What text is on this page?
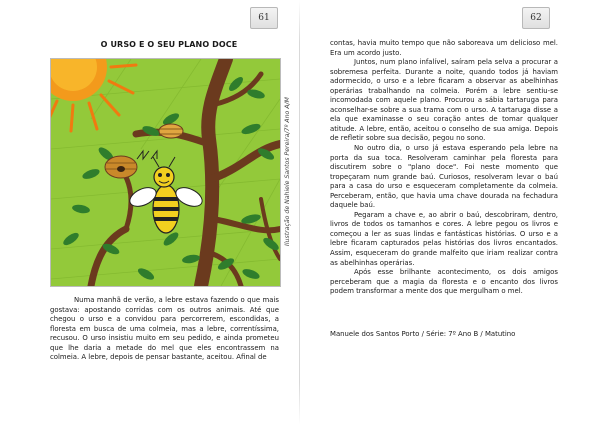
61
O URSO E O SEU PLANO DOCE
Ilustração de Nahiele Santos Pereira/7º Ano A/M

Numa manhã de verão, a lebre estava fazendo o que mais gostava: apostando corridas com os outros animais. Até que chegou o urso e a convidou para percorrerem, escondidas, a floresta em busca de uma colmeia, mas a lebre, correntíssima, recusou. O urso insistiu muito em seu pedido, e ainda prometeu que lhe daria a metade do mel que eles encontrassem na colmeia. A lebre, depois de pensar bastante, aceitou. Afinal de

62

contas, havia muito tempo que não saboreava um delicioso mel. Era um acordo justo.

Juntos, num plano infalível, saíram pela selva a procurar a sobremesa perfeita. Durante a noite, quando todos já haviam adormecido, o urso e a lebre ficaram a observar as abelhinhas operárias trabalhando na colmeia. Porém a lebre sentiu-se incomodada com aquele plano. Procurou a sábia tartaruga para aconselhar-se sobre a sua trama com o urso. A tartaruga disse a ela que examinasse o seu coração antes de tomar qualquer atitude. A lebre, então, aceitou o conselho de sua amiga. Depois de refletir sobre sua decisão, pegou no sono.

No outro dia, o urso já estava esperando pela lebre na porta da sua toca. Resolveram caminhar pela floresta para discutirem sobre o "plano doce". Foi neste momento que tropeçaram num grande baú. Curiosos, resolveram levar o baú para a casa do urso e esqueceram completamente da colmeia. Perceberam, então, que havia uma chave dourada na fechadura daquele baú.

Pegaram a chave e, ao abrir o baú, descobriram, dentro, livros de todos os tamanhos e cores. A lebre pegou os livros e começou a ler as suas lindas e fantásticas histórias. O urso e a lebre ficaram capturados pelas histórias dos livros encantados. Assim, esqueceram do grande malfeito que iriam realizar contra as abelhinhas operárias.

Após esse brilhante acontecimento, os dois amigos perceberam que a magia da floresta e o encanto dos livros podem transformar a mente dos que mergulham o mel.

Manuele dos Santos Porto / Série: 7º Ano B / Matutino
